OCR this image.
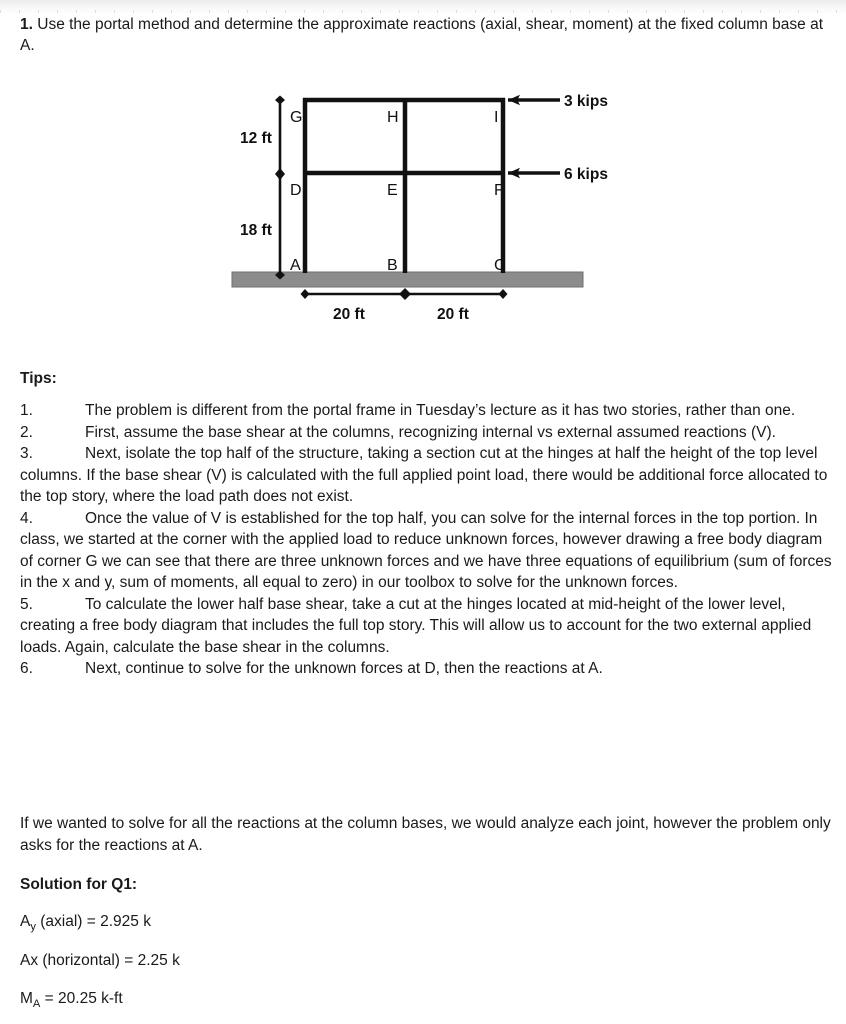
1. Use the portal method and determine the approximate reactions (axial, shear, moment) at the fixed column base at A.
3 kips
6 kips
12 ft
18 ft
20 ft	20 ft
G	H	I
D	E	F
A	B	C
Tips:
1.	The problem is different from the portal frame in Tuesday’s lecture as it has two stories, rather than one.
2.	First, assume the base shear at the columns, recognizing internal vs external assumed reactions (V).
3.	Next, isolate the top half of the structure, taking a section cut at the hinges at half the height of the top level columns. If the base shear (V) is calculated with the full applied point load, there would be additional force allocated to the top story, where the load path does not exist.
4.	Once the value of V is established for the top half, you can solve for the internal forces in the top portion. In class, we started at the corner with the applied load to reduce unknown forces, however drawing a free body diagram of corner G we can see that there are three unknown forces and we have three equations of equilibrium (sum of forces in the x and y, sum of moments, all equal to zero) in our toolbox to solve for the unknown forces.
5.	To calculate the lower half base shear, take a cut at the hinges located at mid-height of the lower level, creating a free body diagram that includes the full top story. This will allow us to account for the two external applied loads. Again, calculate the base shear in the columns.
6.	Next, continue to solve for the unknown forces at D, then the reactions at A.
If we wanted to solve for all the reactions at the column bases, we would analyze each joint, however the problem only asks for the reactions at A.
Solution for Q1:
$A_y$ (axial) = 2.925 k
Ax (horizontal) = 2.25 k
$M_A = 20.25$ k-ft
